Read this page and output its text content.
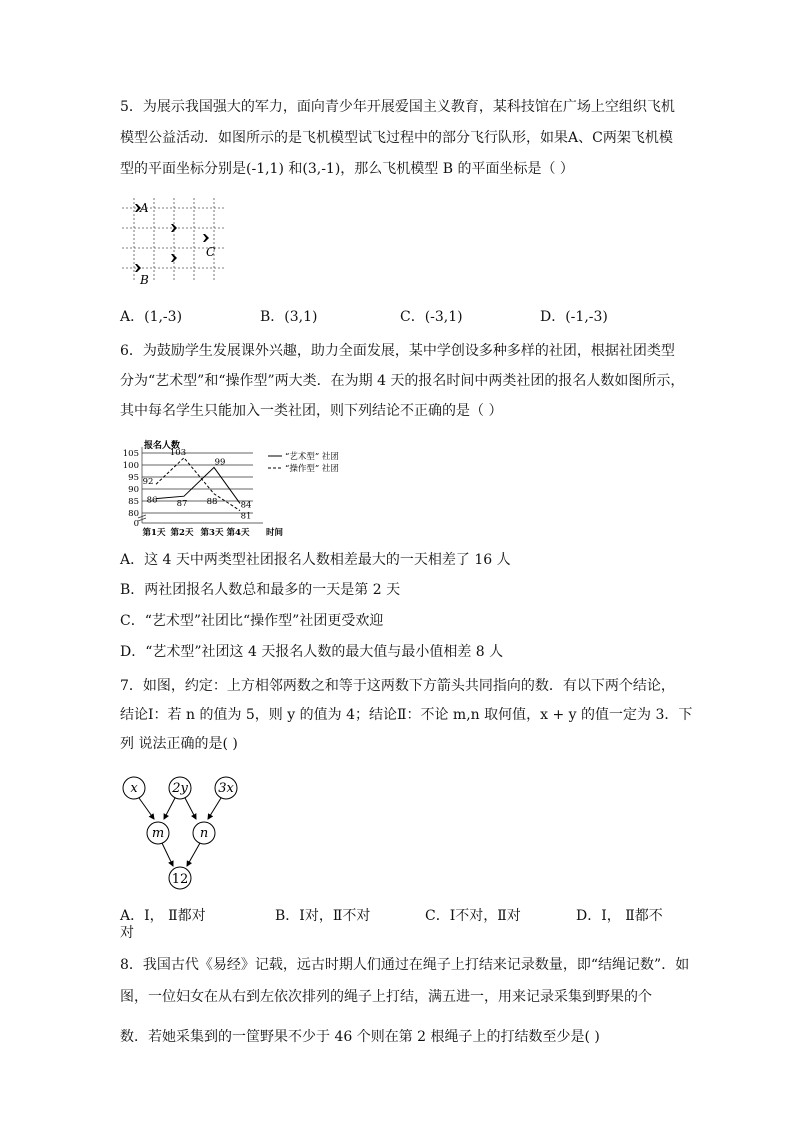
5．为展示我国强大的军力，面向青少年开展爱国主义教育，某科技馆在广场上空组织飞机
模型公益活动．如图所示的是飞机模型试飞过程中的部分飞行队形，如果A、C两架飞机模
型的平面坐标分别是(-1,1) 和(3,-1)，那么飞机模型 B 的平面坐标是（ ）
A
C
B
A．(1,-3)	B．(3,1)	C．(-3,1)	D．(-1,-3)
6．为鼓励学生发展课外兴趣，助力全面发展，某中学创设多种多样的社团，根据社团类型
分为“艺术型”和“操作型”两大类．在为期 4 天的报名时间中两类社团的报名人数如图所示，
其中每名学生只能加入一类社团，则下列结论不正确的是（ ）
报名人数
0
80
85
90
95
100
105
第1天 第2天 第3天 第4天 时间
86 87
99
84
92
103
88
81
“艺术型” 社团
“操作型” 社团
A．这 4 天中两类型社团报名人数相差最大的一天相差了 16 人
B．两社团报名人数总和最多的一天是第 2 天
C．“艺术型”社团比“操作型”社团更受欢迎
D．“艺术型”社团这 4 天报名人数的最大值与最小值相差 8 人
7．如图，约定：上方相邻两数之和等于这两数下方箭头共同指向的数．有以下两个结论，
结论Ⅰ：若 n 的值为 5，则 y 的值为 4；结论Ⅱ：不论 m,n 取何值，x + y 的值一定为 3．下
列 说法正确的是( )
x	2y 3x
m	n
12
A．Ⅰ， Ⅱ都对	B．Ⅰ对，Ⅱ不对	C．Ⅰ不对，Ⅱ对	D．Ⅰ， Ⅱ都不
对
8．我国古代《易经》记载，远古时期人们通过在绳子上打结来记录数量，即“结绳记数”．如
图，一位妇女在从右到左依次排列的绳子上打结，满五进一，用来记录采集到野果的个
数．若她采集到的一筐野果不少于 46 个则在第 2 根绳子上的打结数至少是( )
